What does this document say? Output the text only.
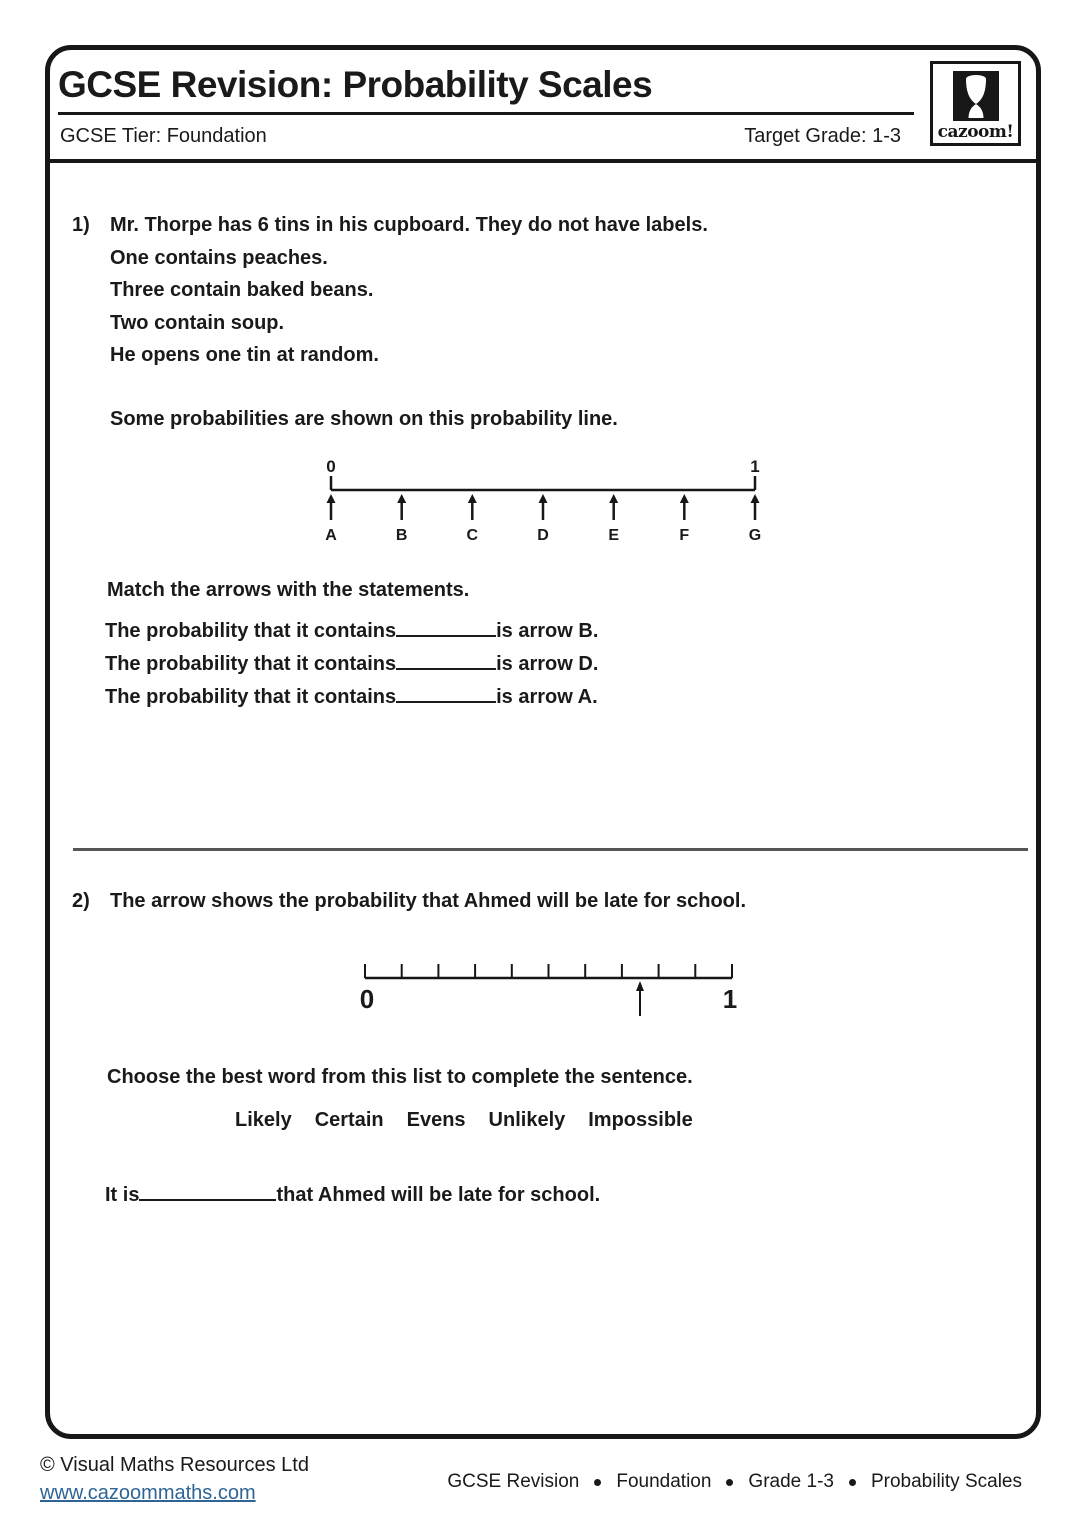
GCSE Revision: Probability Scales
GCSE Tier: Foundation	Target Grade: 1-3 cazoom!
1) Mr. Thorpe has 6 tins in his cupboard. They do not have labels.
One contains peaches.
Three contain baked beans.
Two contain soup.
He opens one tin at random.
Some probabilities are shown on this probability line.
0	1
A	B	C	D	E	F	G
Match the arrows with the statements.
The probability that it contains	is arrow B.
The probability that it contains	is arrow D.
The probability that it contains	is arrow A.
2) The arrow shows the probability that Ahmed will be late for school.
0	1
Choose the best word from this list to complete the sentence.
Likely Certain Evens Unlikely Impossible
It is	that Ahmed will be late for school.
© Visual Maths Resources Ltd
www.cazoommaths.com
GCSE Revision Foundation Grade 1-3 Probability Scales
